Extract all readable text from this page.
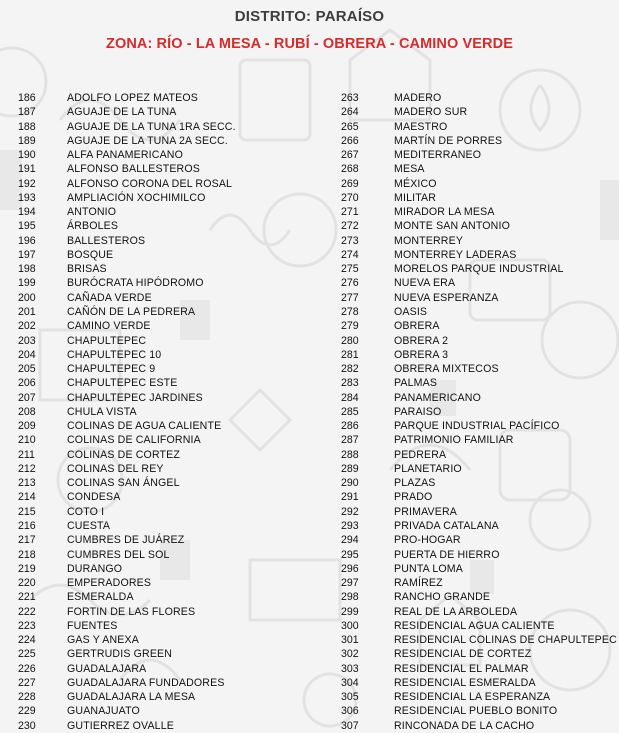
DISTRITO: PARAÍSO
ZONA: RÍO - LA MESA - RUBÍ - OBRERA - CAMINO VERDE
186	ADOLFO LOPEZ MATEOS
187	AGUAJE DE LA TUNA
188	AGUAJE DE LA TUNA 1RA SECC.
189	AGUAJE DE LA TUNA 2A SECC.
190	ALFA PANAMERICANO
191	ALFONSO BALLESTEROS
192	ALFONSO CORONA DEL ROSAL
193	AMPLIACIÓN XOCHIMILCO
194	ANTONIO
195	ÁRBOLES
196	BALLESTEROS
197	BOSQUE
198	BRISAS
199	BURÓCRATA HIPÓDROMO
200	CAÑADA VERDE
201	CAÑÓN DE LA PEDRERA
202	CAMINO VERDE
203	CHAPULTEPEC
204	CHAPULTEPEC 10
205	CHAPULTEPEC 9
206	CHAPULTEPEC ESTE
207	CHAPULTEPEC JARDINES
208	CHULA VISTA
209	COLINAS DE AGUA CALIENTE
210	COLINAS DE CALIFORNIA
211	COLINAS DE CORTEZ
212	COLINAS DEL REY
213	COLINAS SAN ÁNGEL
214	CONDESA
215	COTO I
216	CUESTA
217	CUMBRES DE JUÁREZ
218	CUMBRES DEL SOL
219	DURANGO
220	EMPERADORES
221	ESMERALDA
222	FORTIN DE LAS FLORES
223	FUENTES
224	GAS Y ANEXA
225	GERTRUDIS GREEN
226	GUADALAJARA
227	GUADALAJARA FUNDADORES
228	GUADALAJARA LA MESA
229	GUANAJUATO
230	GUTIERREZ OVALLE
263	MADERO
264	MADERO SUR
265	MAESTRO
266	MARTÍN DE PORRES
267	MEDITERRANEO
268	MESA
269	MÉXICO
270	MILITAR
271	MIRADOR LA MESA
272	MONTE SAN ANTONIO
273	MONTERREY
274	MONTERREY LADERAS
275	MORELOS PARQUE INDUSTRIAL
276	NUEVA ERA
277	NUEVA ESPERANZA
278	OASIS
279	OBRERA
280	OBRERA 2
281	OBRERA 3
282	OBRERA MIXTECOS
283	PALMAS
284	PANAMERICANO
285	PARAISO
286	PARQUE INDUSTRIAL PACÍFICO
287	PATRIMONIO FAMILIAR
288	PEDRERA
289	PLANETARIO
290	PLAZAS
291	PRADO
292	PRIMAVERA
293	PRIVADA CATALANA
294	PRO-HOGAR
295	PUERTA DE HIERRO
296	PUNTA LOMA
297	RAMÍREZ
298	RANCHO GRANDE
299	REAL DE LA ARBOLEDA
300	RESIDENCIAL AGUA CALIENTE
301	RESIDENCIAL COLINAS DE CHAPULTEPEC
302	RESIDENCIAL DE CORTEZ
303	RESIDENCIAL EL PALMAR
304	RESIDENCIAL ESMERALDA
305	RESIDENCIAL LA ESPERANZA
306	RESIDENCIAL PUEBLO BONITO
307	RINCONADA DE LA CACHO
